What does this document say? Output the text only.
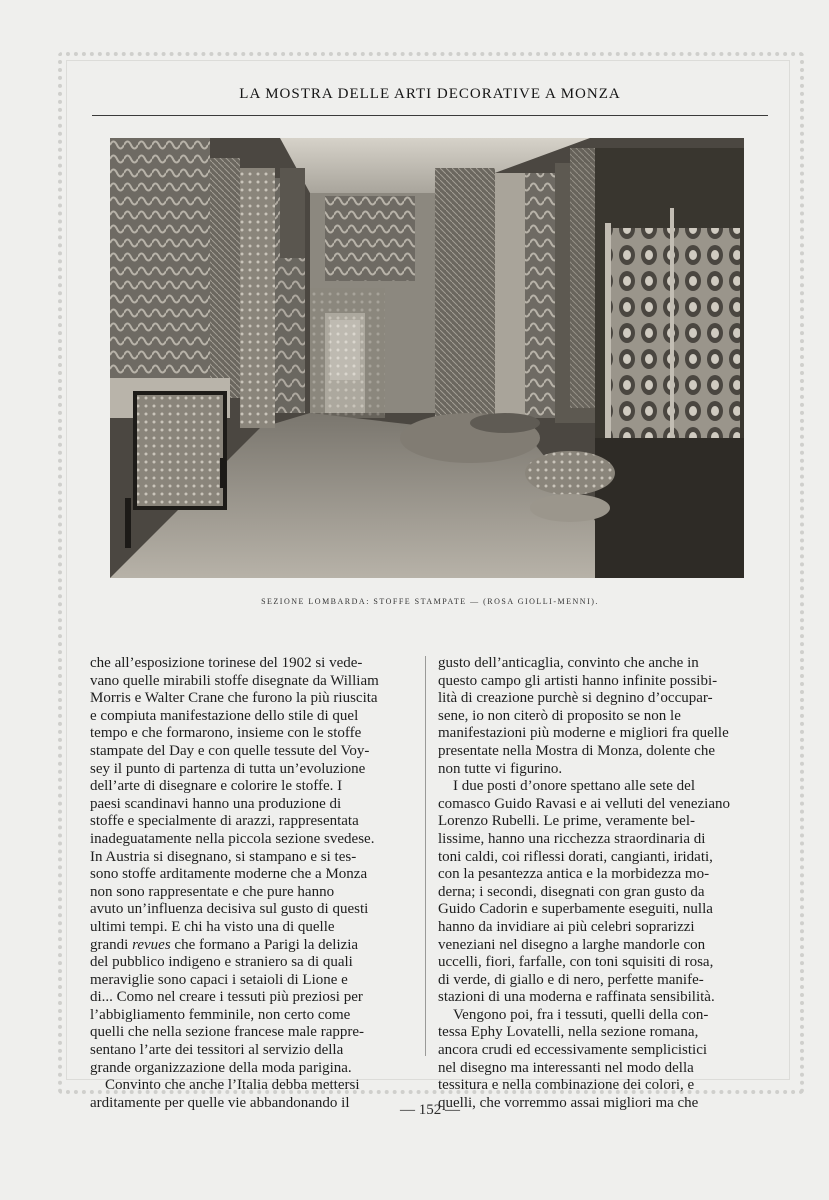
LA MOSTRA DELLE ARTI DECORATIVE A MONZA
SEZIONE LOMBARDA: STOFFE STAMPATE — (ROSA GIOLLI-MENNI).

che all’esposizione torinese del 1902 si vede-

vano quelle mirabili stoffe disegnate da William

Morris e Walter Crane che furono la più riuscita

e compiuta manifestazione dello stile di quel

tempo e che formarono, insieme con le stoffe

stampate del Day e con quelle tessute del Voy-

sey il punto di partenza di tutta un’evoluzione

dell’arte di disegnare e colorire le stoffe. I

paesi scandinavi hanno una produzione di

stoffe e specialmente di arazzi, rappresentata

inadeguatamente nella piccola sezione svedese.

In Austria si disegnano, si stampano e si tes-

sono stoffe arditamente moderne che a Monza

non sono rappresentate e che pure hanno

avuto un’influenza decisiva sul gusto di questi

ultimi tempi. E chi ha visto una di quelle

grandi revues che formano a Parigi la delizia

del pubblico indigeno e straniero sa di quali

meraviglie sono capaci i setaioli di Lione e

di... Como nel creare i tessuti più preziosi per

l’abbigliamento femminile, non certo come

quelli che nella sezione francese male rappre-

sentano l’arte dei tessitori al servizio della

grande organizzazione della moda parigina.

Convinto che anche l’Italia debba mettersi

arditamente per quelle vie abbandonando il

gusto dell’anticaglia, convinto che anche in

questo campo gli artisti hanno infinite possibi-

lità di creazione purchè si degnino d’occupar-

sene, io non citerò di proposito se non le

manifestazioni più moderne e migliori fra quelle

presentate nella Mostra di Monza, dolente che

non tutte vi figurino.

I due posti d’onore spettano alle sete del

comasco Guido Ravasi e ai velluti del veneziano

Lorenzo Rubelli. Le prime, veramente bel-

lissime, hanno una ricchezza straordinaria di

toni caldi, coi riflessi dorati, cangianti, iridati,

con la pesantezza antica e la morbidezza mo-

derna; i secondi, disegnati con gran gusto da

Guido Cadorin e superbamente eseguiti, nulla

hanno da invidiare ai più celebri soprarizzi

veneziani nel disegno a larghe mandorle con

uccelli, fiori, farfalle, con toni squisiti di rosa,

di verde, di giallo e di nero, perfette manife-

stazioni di una moderna e raffinata sensibilità.

Vengono poi, fra i tessuti, quelli della con-

tessa Ephy Lovatelli, nella sezione romana,

ancora crudi ed eccessivamente semplicistici

nel disegno ma interessanti nel modo della

tessitura e nella combinazione dei colori, e

quelli, che vorremmo assai migliori ma che

— 152 —
